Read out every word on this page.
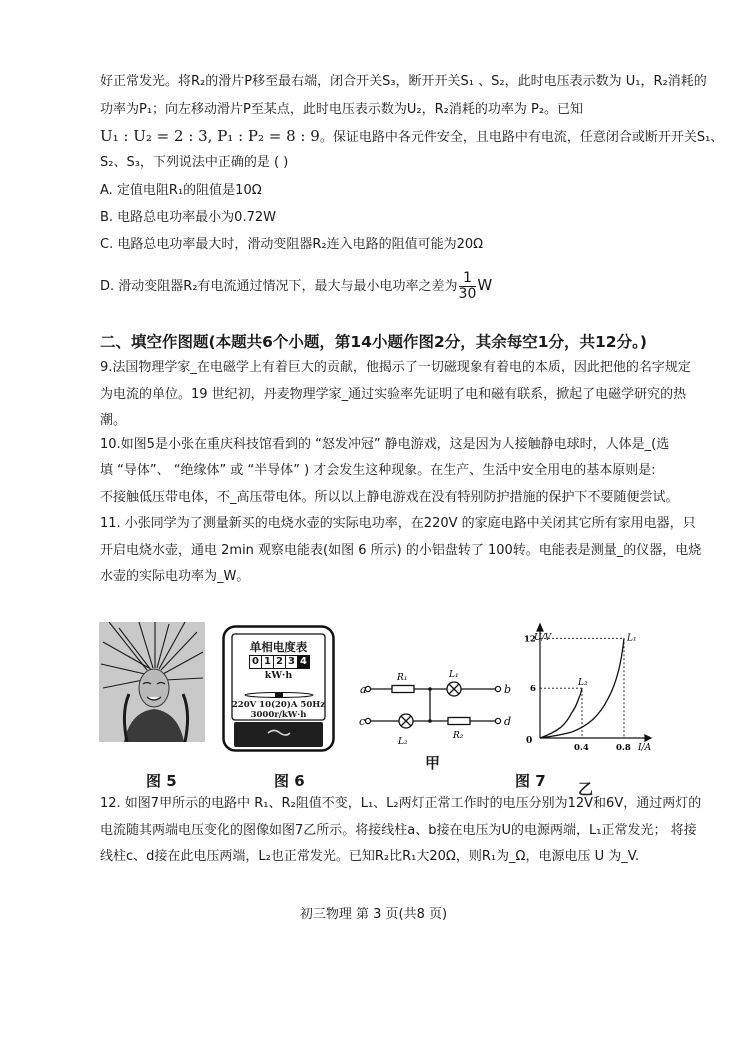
好正常发光。将R₂的滑片P移至最右端，闭合开关S₃，断开开关S₁ 、S₂，此时电压表示数为 U₁，R₂消耗的
功率为P₁；向左移动滑片P至某点，此时电压表示数为U₂，R₂消耗的功率为 P₂。已知
U₁ : U₂ = 2 : 3, P₁ : P₂ = 8 : 9。保证电路中各元件安全，且电路中有电流，任意闭合或断开开关S₁、
S₂、S₃，下列说法中正确的是 ( )
A. 定值电阻R₁的阻值是10Ω
B. 电路总电功率最小为0.72W
C. 电路总电功率最大时，滑动变阻器R₂连入电路的阻值可能为20Ω
D. 滑动变阻器R₂有电流通过情况下，最大与最小电功率之差为 $\frac{1}{30}$ W
二、填空作图题(本题共6个小题，第14小题作图2分，其余每空1分，共12分。)
9.法国物理学家_在电磁学上有着巨大的贡献，他揭示了一切磁现象有着电的本质，因此把他的名字规定
为电流的单位。19 世纪初，丹麦物理学家_通过实验率先证明了电和磁有联系，掀起了电磁学研究的热
潮。
10.如图5是小张在重庆科技馆看到的 “怒发冲冠” 静电游戏，这是因为人接触静电球时，人体是_(选
填 “导体”、 “绝缘体” 或 “半导体” ) 才会发生这种现象。在生产、生活中安全用电的基本原则是:
不接触低压带电体，不_高压带电体。所以以上静电游戏在没有特别防护措施的保护下不要随便尝试。
11. 小张同学为了测量新买的电烧水壶的实际电功率，在220V 的家庭电路中关闭其它所有家用电器，只
开启电烧水壶，通电 2min 观察电能表(如图 6 所示) 的小铝盘转了 100转。电能表是测量_的仪器，电烧
水壶的实际电功率为_W。
图 5
单相电度表
0 1 2 3 4
kW·h
220V 10(20)A 50Hz
3000r/kW·h
图 6
a	b
c	d
R₁	L₁
L₂
R₂
甲
U/V
I/A
0
0.4	0.8
6
12	L₁
L₂
图 7 乙
12. 如图7甲所示的电路中 R₁、R₂阻值不变，L₁、L₂两灯正常工作时的电压分别为12V和6V，通过两灯的
电流随其两端电压变化的图像如图7乙所示。将接线柱a、b接在电压为U的电源两端，L₁正常发光； 将接
线柱c、d接在此电压两端，L₂也正常发光。已知R₂比R₁大20Ω，则R₁为_Ω，电源电压 U 为_V.
初三物理 第 3 页(共8 页)
